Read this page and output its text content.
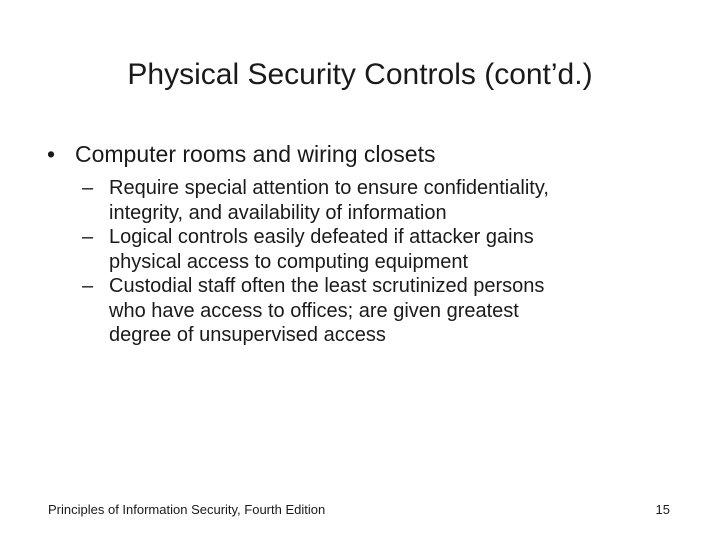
Physical Security Controls (cont’d.)
• Computer rooms and wiring closets
– Require special attention to ensure confidentiality,
integrity, and availability of information
– Logical controls easily defeated if attacker gains
physical access to computing equipment
– Custodial staff often the least scrutinized persons
who have access to offices; are given greatest
degree of unsupervised access
Principles of Information Security, Fourth Edition	15
